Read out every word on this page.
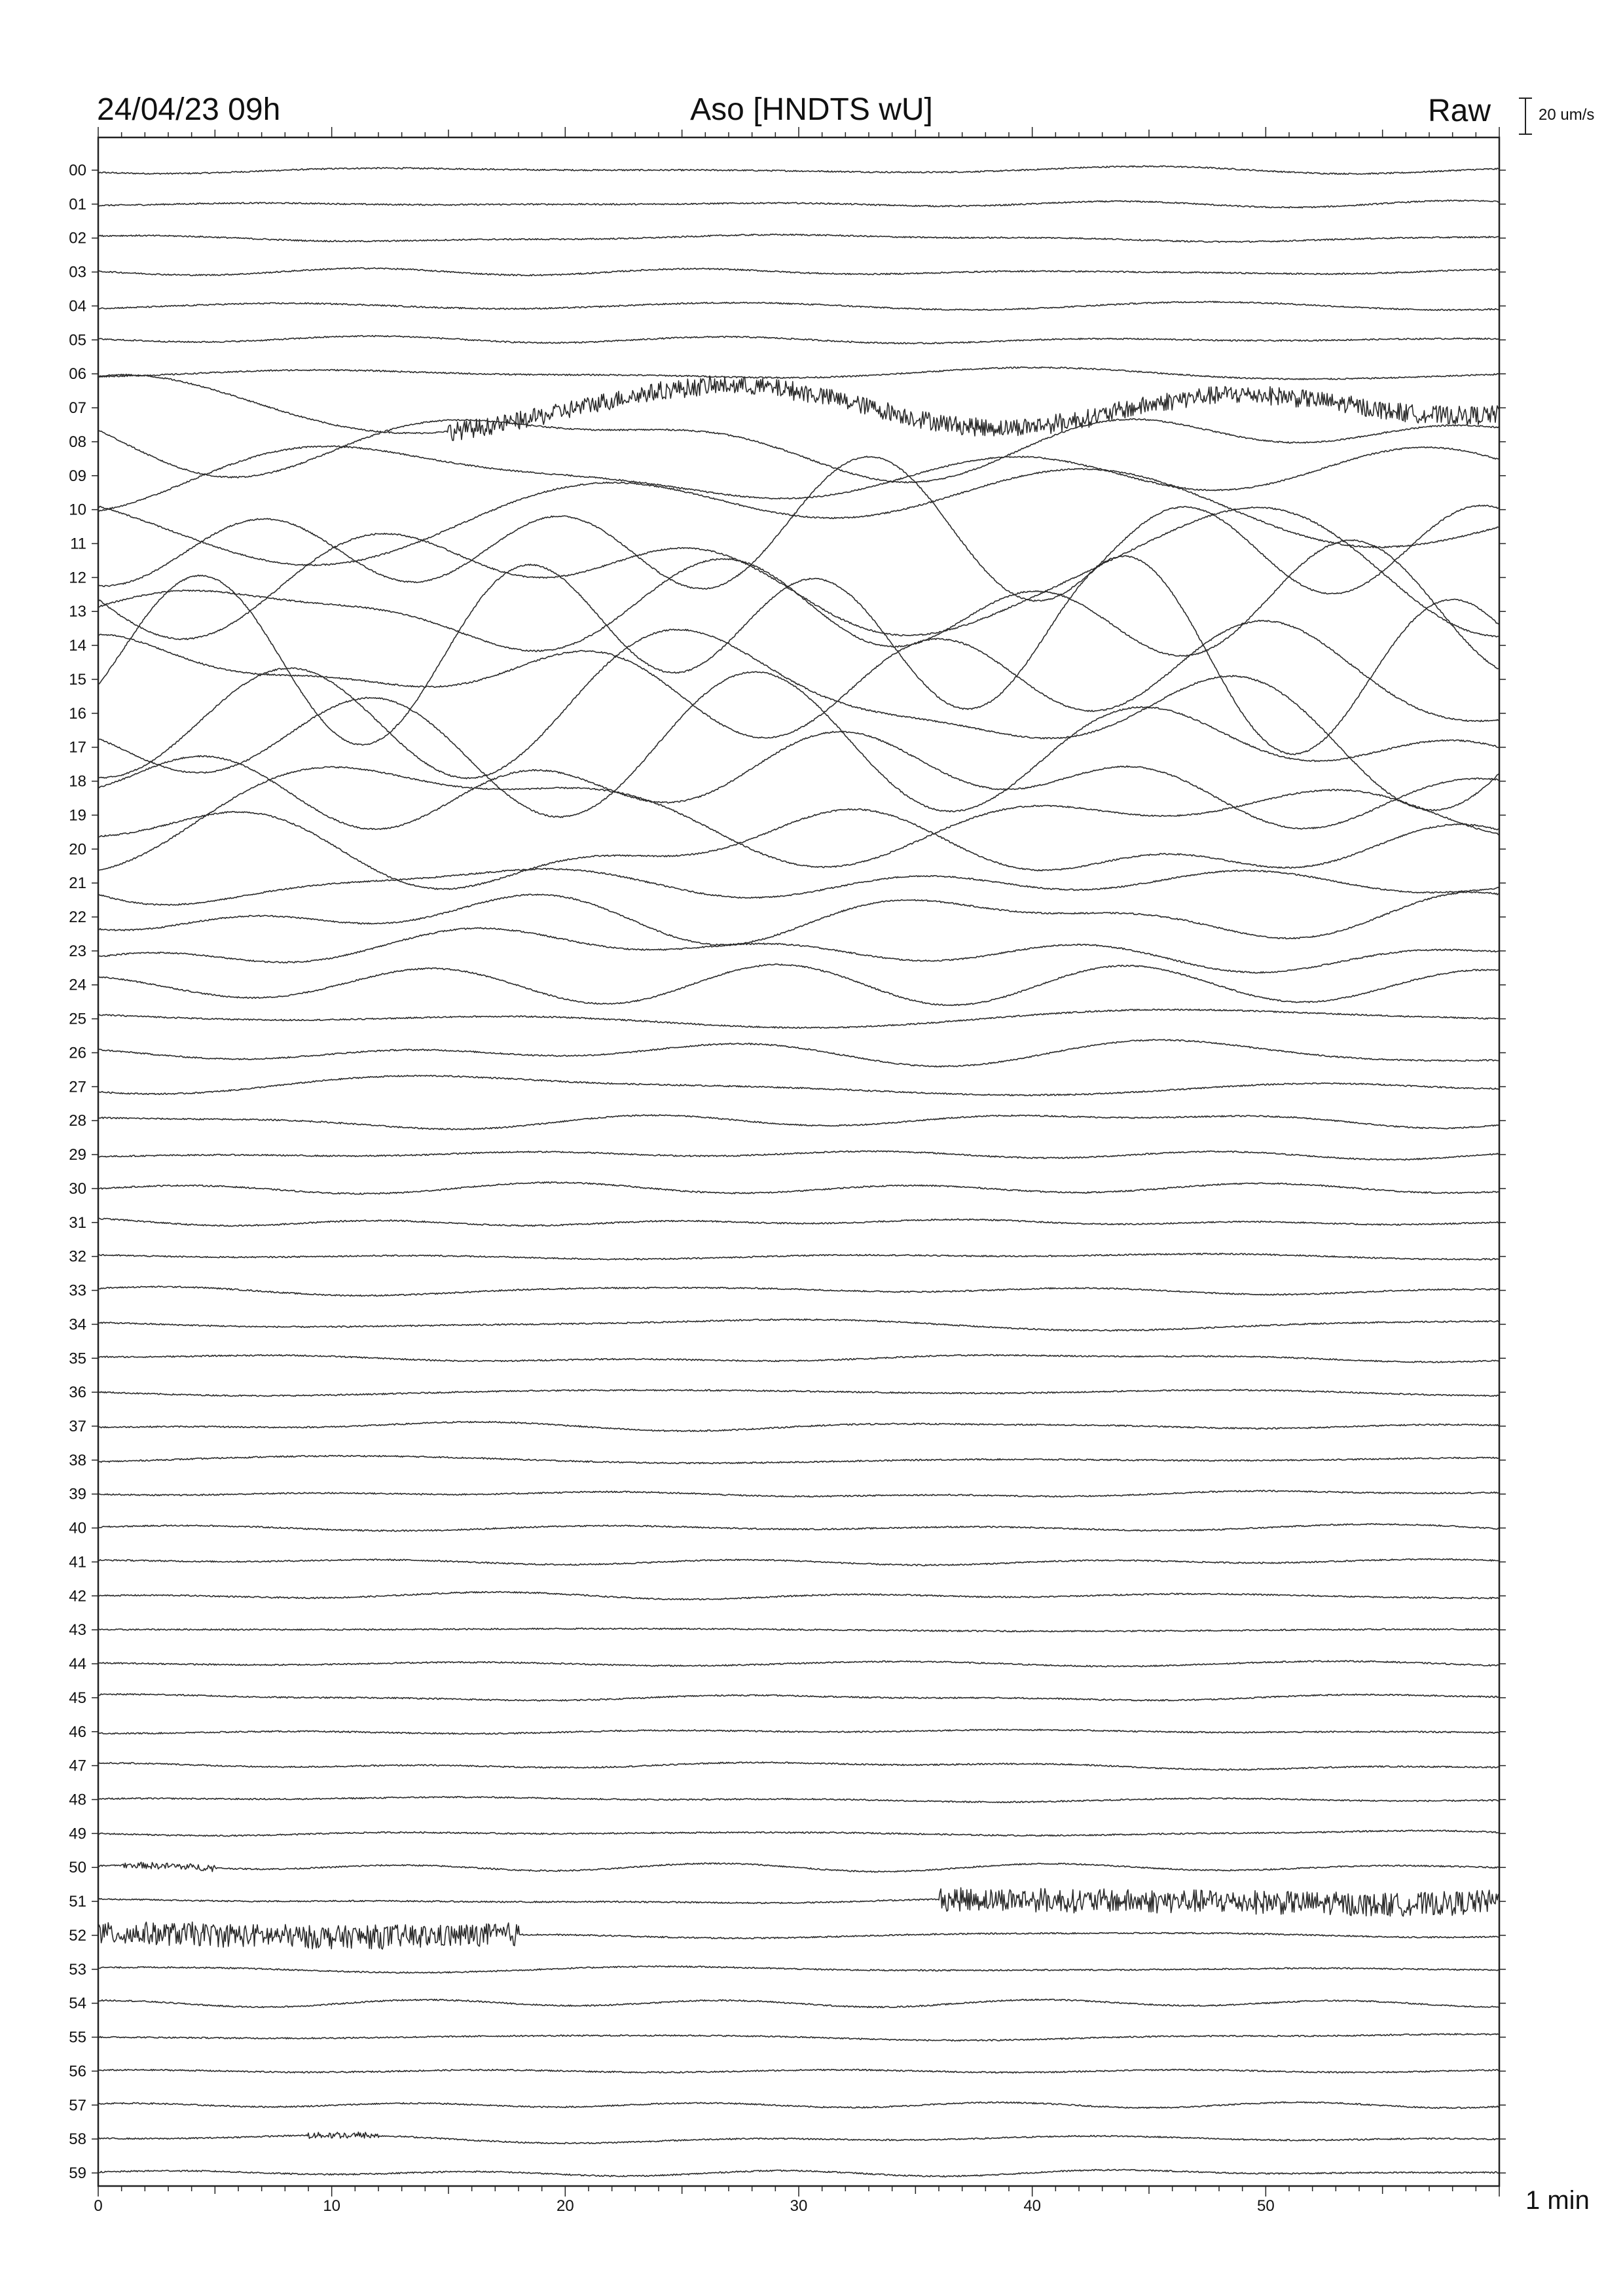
24/04/23 09h	Aso [HNDTS wU]	Raw	20 um/s
1 min
00
01
02
03
04
05
06
07
08
09
10
11
12
13
14
15
16
17
18
19
20
21
22
23
24
25
26
27
28
29
30
31
32
33
34
35
36
37
38
39
40
41
42
43
44
45
46
47
48
49
50
51
52
53
54
55
56
57
58
59
0	10	20	30	40	50
